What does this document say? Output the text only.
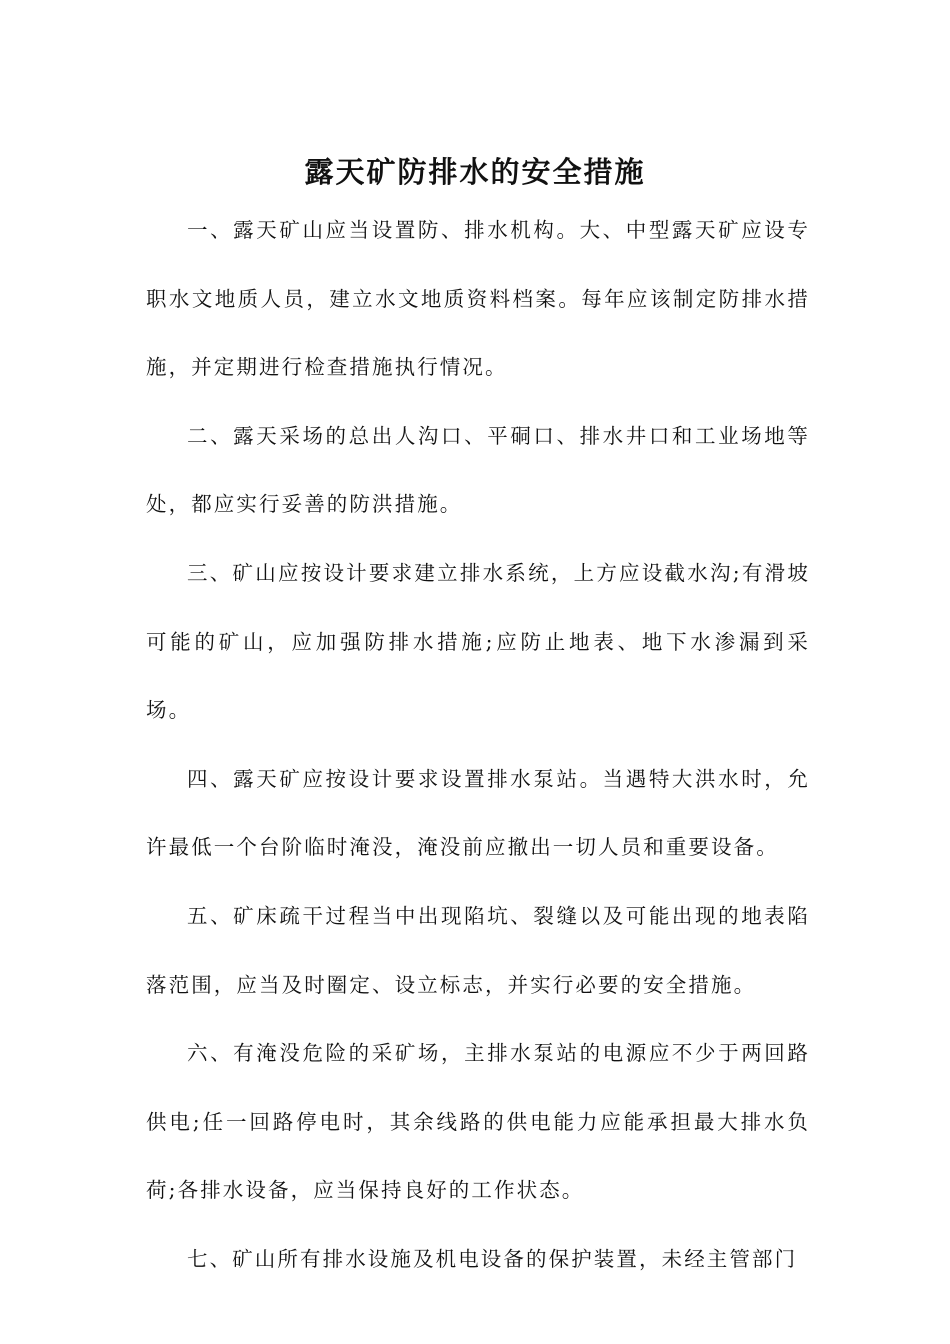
露天矿防排水的安全措施

一、露天矿山应当设置防、排水机构。大、中型露天矿应设专职水文地质人员，建立水文地质资料档案。每年应该制定防排水措施，并定期进行检查措施执行情况。

二、露天采场的总出人沟口、平硐口、排水井口和工业场地等处，都应实行妥善的防洪措施。

三、矿山应按设计要求建立排水系统，上方应设截水沟;有滑坡可能的矿山，应加强防排水措施;应防止地表、地下水渗漏到采场。

四、露天矿应按设计要求设置排水泵站。当遇特大洪水时，允许最低一个台阶临时淹没，淹没前应撤出一切人员和重要设备。

五、矿床疏干过程当中出现陷坑、裂缝以及可能出现的地表陷落范围，应当及时圈定、设立标志，并实行必要的安全措施。

六、有淹没危险的采矿场，主排水泵站的电源应不少于两回路供电;任一回路停电时，其余线路的供电能力应能承担最大排水负荷;各排水设备，应当保持良好的工作状态。

七、矿山所有排水设施及机电设备的保护装置，未经主管部门
